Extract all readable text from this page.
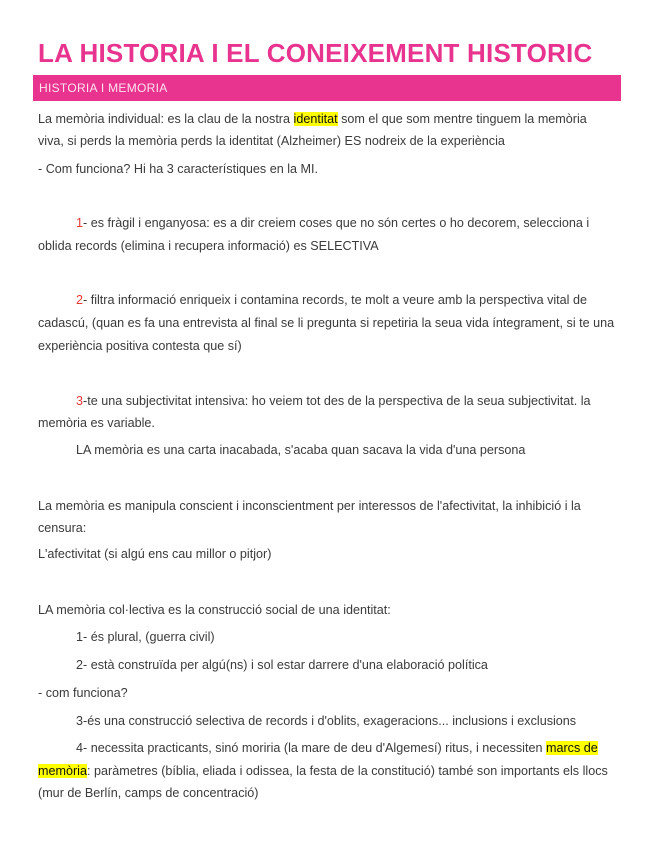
LA HISTORIA I EL CONEIXEMENT HISTORIC
HISTORIA I MEMORIA
La memòria individual: es la clau de la nostra identitat som el que som mentre tinguem la memòria
viva, si perds la memòria perds la identitat (Alzheimer) ES nodreix de la experiència
- Com funciona? Hi ha 3 característiques en la MI.
1- es fràgil i enganyosa: es a dir creiem coses que no són certes o ho decorem, selecciona i
oblida records (elimina i recupera informació) es SELECTIVA
2- filtra informació enriqueix i contamina records, te molt a veure amb la perspectiva vital de
cadascú, (quan es fa una entrevista al final se li pregunta si repetiria la seua vida íntegrament, si te una
experiència positiva contesta que sí)
3-te una subjectivitat intensiva: ho veiem tot des de la perspectiva de la seua subjectivitat. la
memòria es variable.
LA memòria es una carta inacabada, s'acaba quan sacava la vida d'una persona
La memòria es manipula conscient i inconscientment per interessos de l'afectivitat, la inhibició i la
censura:
L'afectivitat (si algú ens cau millor o pitjor)
LA memòria col·lectiva es la construcció social de una identitat:
1- és plural, (guerra civil)
2- està construïda per algú(ns) i sol estar darrere d'una elaboració política
- com funciona?
3-és una construcció selectiva de records i d'oblits, exageracions... inclusions i exclusions
4- necessita practicants, sinó moriria (la mare de deu d'Algemesí) ritus, i necessiten marcs de
memòria: paràmetres (bíblia, eliada i odissea, la festa de la constitució) també son importants els llocs
(mur de Berlín, camps de concentració)
